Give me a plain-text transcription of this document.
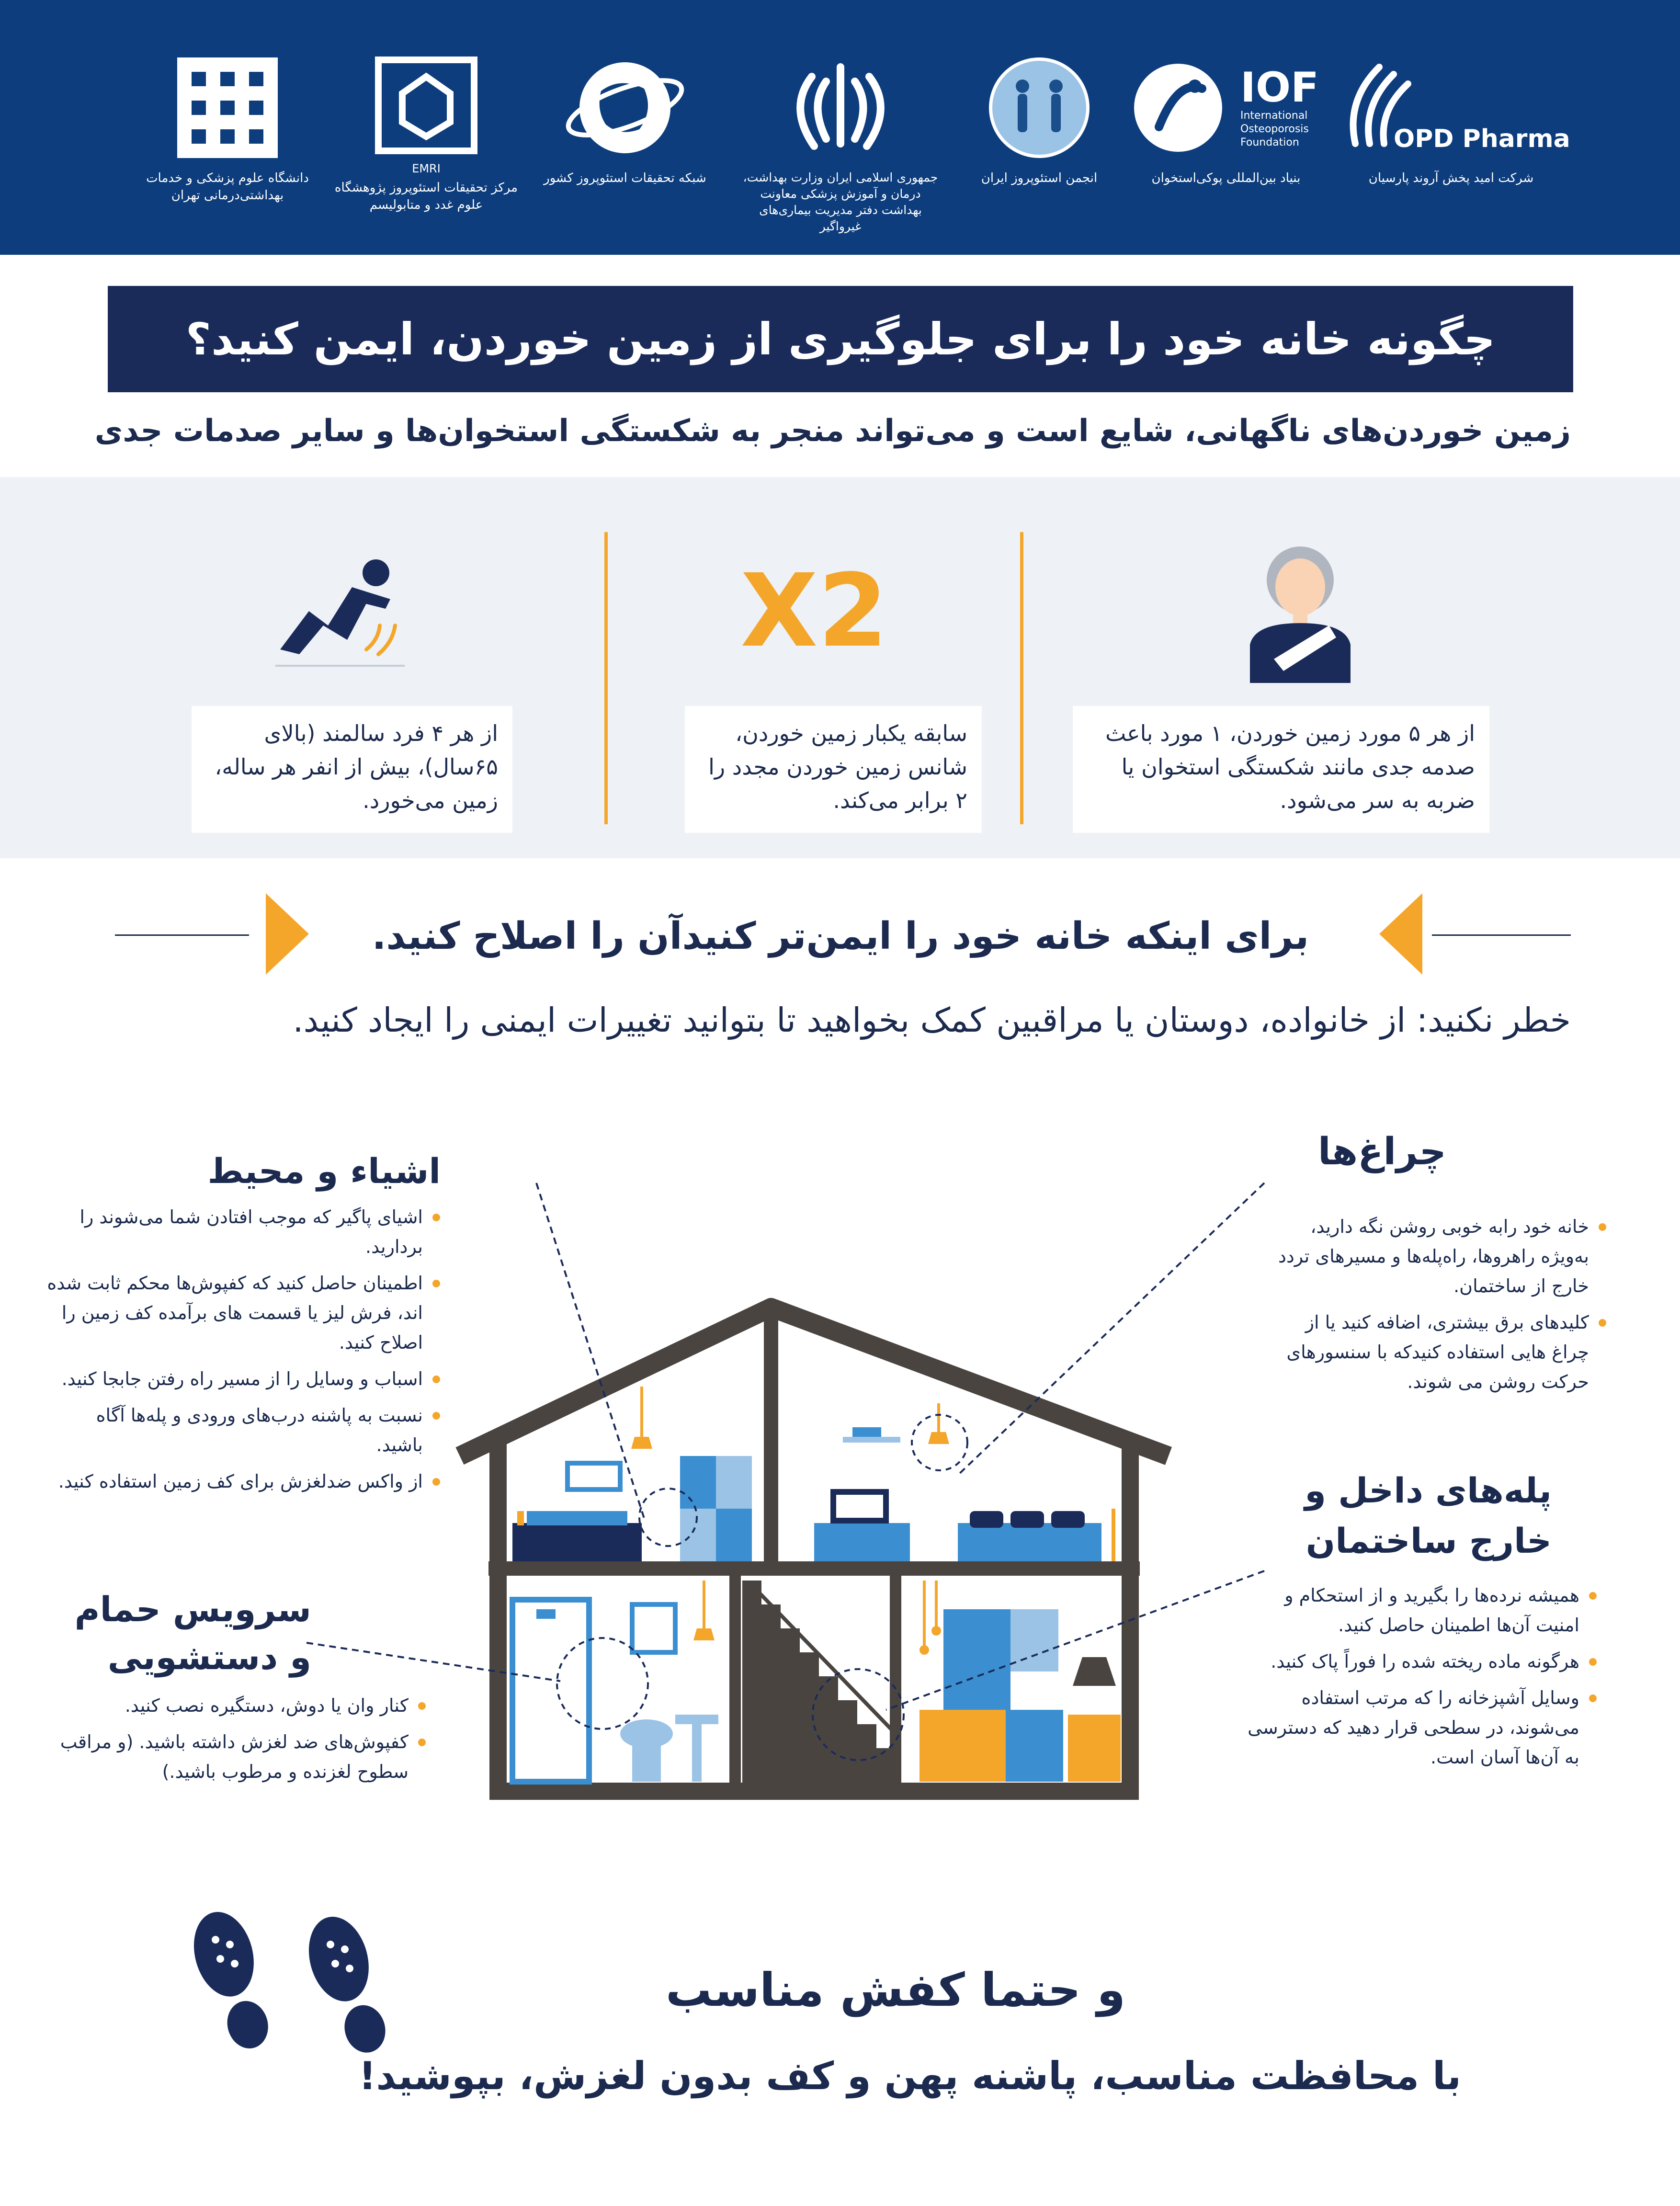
دانشگاه علوم پزشکی و خدمات بهداشتی‌درمانی تهران
EMRI
مرکز تحقیقات استئوپروز پژوهشگاه علوم غدد و متابولیسم
شبکه تحقیقات استئوپروز کشور	جمهوری اسلامی ایران وزارت بهداشت، درمان و آموزش پزشکی معاونت بهداشت دفتر مدیریت بیماری‌های غیرواگیر
انجمن استئوپروز ایران
IOF
International Osteoporosis Foundation
بنیاد بین‌المللی پوکی‌استخوان
OPD Pharma
شرکت امید پخش آروند پارسیان
چگونه خانه خود را برای جلوگیری از زمین خوردن، ایمن کنید؟
زمین خوردن‌های ناگهانی، شایع است و می‌تواند منجر به شکستگی استخوان‌ها و سایر صدمات جدی
از هر ۴ فرد سالمند (بالای ۶۵سال)، بیش از انفر هر ساله، زمین می‌خورد.
X2
سابقه یکبار زمین خوردن، شانس زمین خوردن مجدد را ۲ برابر می‌کند.
از هر ۵ مورد زمین خوردن، ۱ مورد باعث صدمه جدی مانند شکستگی استخوان یا ضربه به سر می‌شود.
برای اینکه خانه خود را ایمن‌تر کنیدآن را اصلاح کنید.
خطر نکنید: از خانواده، دوستان یا مراقبین کمک بخواهید تا بتوانید تغییرات ایمنی را ایجاد کنید.
اشیاء و محیط
اشیای پاگیر که موجب افتادن شما می‌شوند را بردارید.
اطمینان حاصل کنید که کفپوش‌ها محکم ثابت شده اند، فرش لیز یا قسمت های برآمده کف زمین را اصلاح کنید.
اسباب و وسایل را از مسیر راه رفتن جابجا کنید.
نسبت به پاشنه درب‌های ورودی و پله‌ها آگاه باشید.
از واکس ضدلغزش برای کف زمین استفاده کنید.
چراغ‌ها
خانه خود رابه خوبی روشن نگه دارید، به‌ویژه راهروها، راه‌پله‌ها و مسیرهای تردد خارج از ساختمان.
کلیدهای برق بیشتری، اضافه کنید یا از چراغ هایی استفاده کنیدکه با سنسورهای حرکت روشن می شوند.
سرویس حمام و دستشویی
کنار وان یا دوش، دستگیره نصب کنید.
کفپوش‌های ضد لغزش داشته باشید. (و مراقب سطوح لغزنده و مرطوب باشید.)
پله‌های داخل و خارج ساختمان
همیشه نرده‌ها را بگیرید و از استحکام و امنیت آن‌ها اطمینان حاصل کنید.
هرگونه ماده ریخته شده را فوراً پاک کنید.
وسایل آشپزخانه را که مرتب استفاده می‌شوند، در سطحی قرار دهید که دسترسی به آن‌ها آسان است.
و حتما کفش مناسب
با محافظت مناسب، پاشنه پهن و کف بدون لغزش، بپوشید!
